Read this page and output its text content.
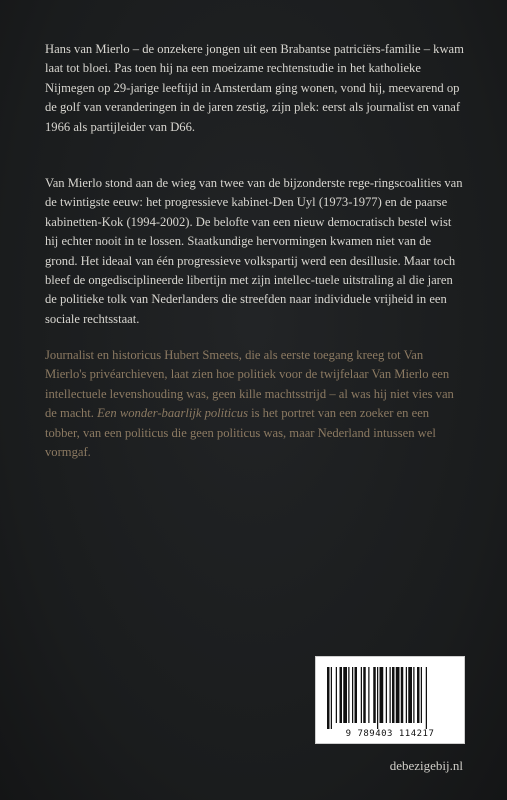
Hans van Mierlo – de onzekere jongen uit een Brabantse patriciërs-familie – kwam laat tot bloei. Pas toen hij na een moeizame rechtenstudie in het katholieke Nijmegen op 29-jarige leeftijd in Amsterdam ging wonen, vond hij, meevarend op de golf van veranderingen in de jaren zestig, zijn plek: eerst als journalist en vanaf 1966 als partijleider van D66.

Van Mierlo stond aan de wieg van twee van de bijzonderste rege-ringscoalities van de twintigste eeuw: het progressieve kabinet-Den Uyl (1973-1977) en de paarse kabinetten-Kok (1994-2002). De belofte van een nieuw democratisch bestel wist hij echter nooit in te lossen. Staatkundige hervormingen kwamen niet van de grond. Het ideaal van één progressieve volkspartij werd een desillusie. Maar toch bleef de ongedisciplineerde libertijn met zijn intellec-tuele uitstraling al die jaren de politieke tolk van Nederlanders die streefden naar individuele vrijheid in een sociale rechtsstaat.

Journalist en historicus Hubert Smeets, die als eerste toegang kreeg tot Van Mierlo's privéarchieven, laat zien hoe politiek voor de twijfelaar Van Mierlo een intellectuele levenshouding was, geen kille machtsstrijd – al was hij niet vies van de macht. Een wonder-baarlijk politicus is het portret van een zoeker en een tobber, van een politicus die geen politicus was, maar Nederland intussen wel vormgaf.

9 789403 114217
debezigebij.nl
